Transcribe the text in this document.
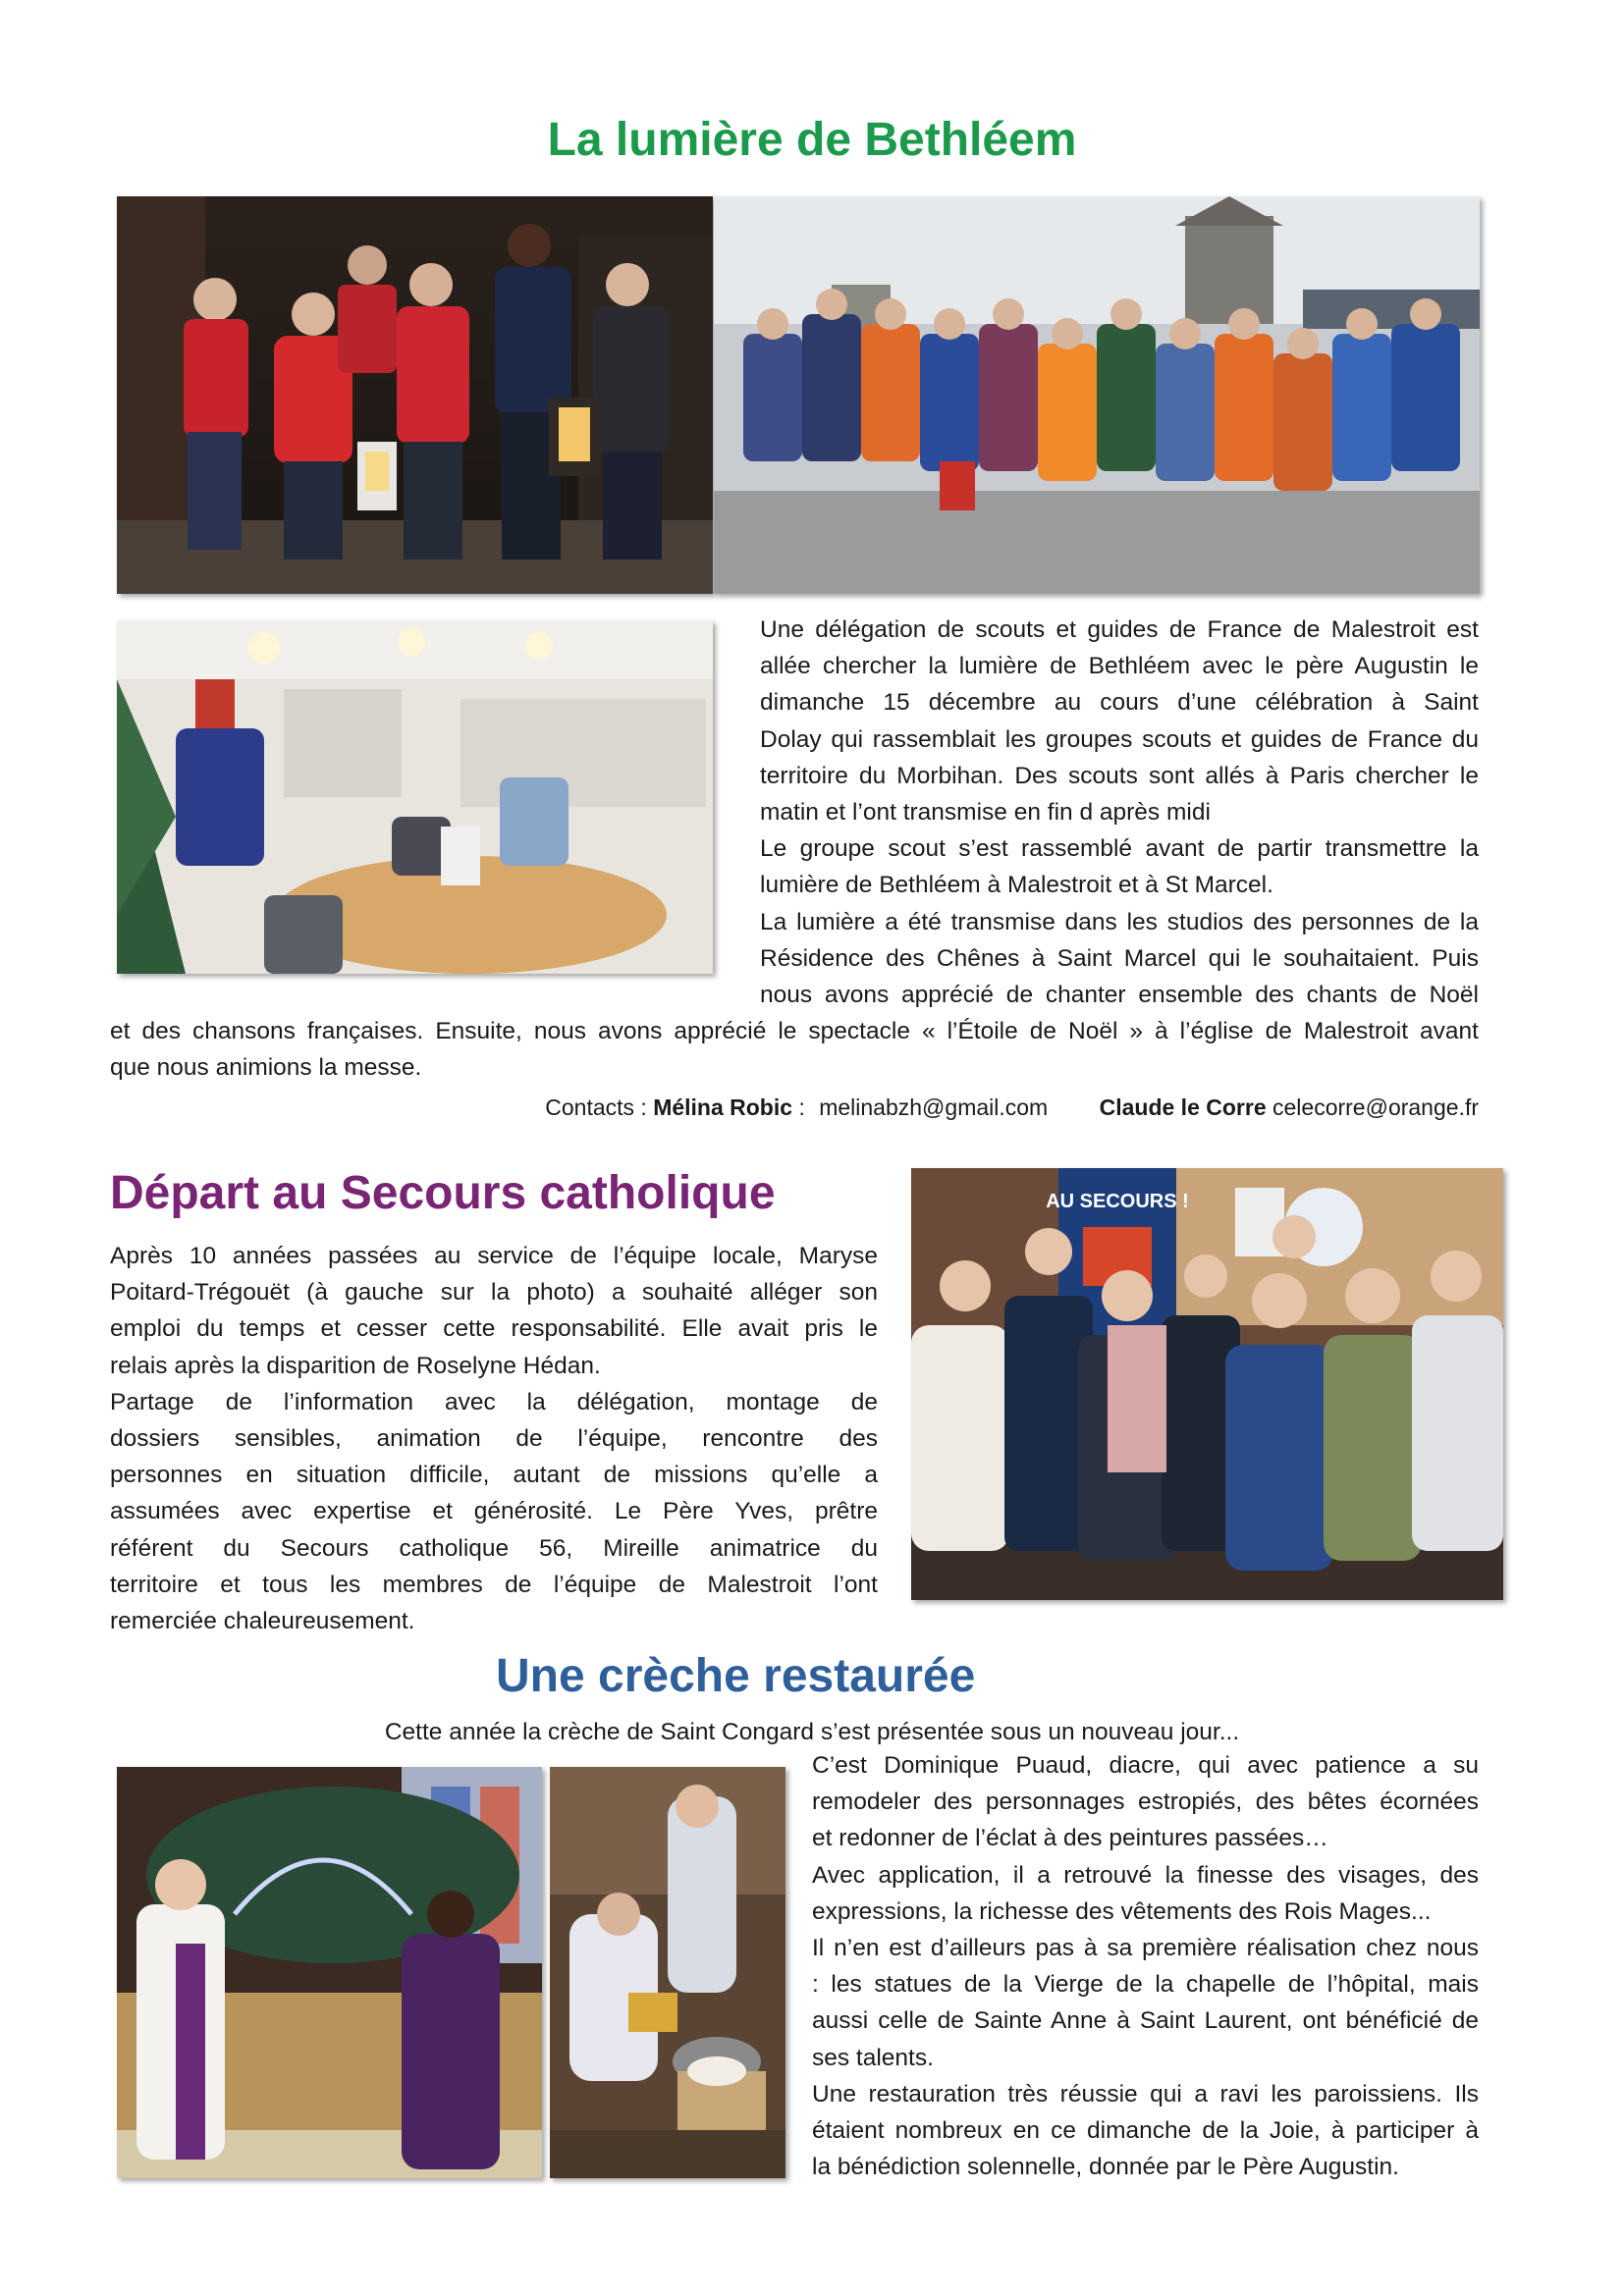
La lumière de Bethléem
Une délégation de scouts et guides de France de Malestroit est
allée chercher la lumière de Bethléem avec le père Augustin le
dimanche 15 décembre au cours d’une célébration à Saint
Dolay qui rassemblait les groupes scouts et guides de France du
territoire du Morbihan. Des scouts sont allés à Paris chercher le
matin et l’ont transmise en fin d après midi
Le groupe scout s’est rassemblé avant de partir transmettre la
lumière de Bethléem à Malestroit et à St Marcel.
La lumière a été transmise dans les studios des personnes de la
Résidence des Chênes à Saint Marcel qui le souhaitaient. Puis
nous avons apprécié de chanter ensemble des chants de Noël
et des chansons françaises. Ensuite, nous avons apprécié le spectacle « l’Étoile de Noël » à l’église de Malestroit avant
que nous animions la messe.
Contacts : Mélina Robic : melinabzh@gmail.com Claude le Corre celecorre@orange.fr
Départ au Secours catholique
Après 10 années passées au service de l’équipe locale, Maryse
Poitard-Trégouët (à gauche sur la photo) a souhaité alléger son
emploi du temps et cesser cette responsabilité. Elle avait pris le
relais après la disparition de Roselyne Hédan.
Partage de l’information avec la délégation, montage de
dossiers sensibles, animation de l’équipe, rencontre des
personnes en situation difficile, autant de missions qu’elle a
assumées avec expertise et générosité. Le Père Yves, prêtre
référent du Secours catholique 56, Mireille animatrice du
territoire et tous les membres de l’équipe de Malestroit l’ont
remerciée chaleureusement.
AU SECOURS !
Une crèche restaurée
Cette année la crèche de Saint Congard s’est présentée sous un nouveau jour...
C’est Dominique Puaud, diacre, qui avec patience a su
remodeler des personnages estropiés, des bêtes écornées
et redonner de l’éclat à des peintures passées…
Avec application, il a retrouvé la finesse des visages, des
expressions, la richesse des vêtements des Rois Mages...
Il n’en est d’ailleurs pas à sa première réalisation chez nous
: les statues de la Vierge de la chapelle de l’hôpital, mais
aussi celle de Sainte Anne à Saint Laurent, ont bénéficié de
ses talents.
Une restauration très réussie qui a ravi les paroissiens. Ils
étaient nombreux en ce dimanche de la Joie, à participer à
la bénédiction solennelle, donnée par le Père Augustin.
